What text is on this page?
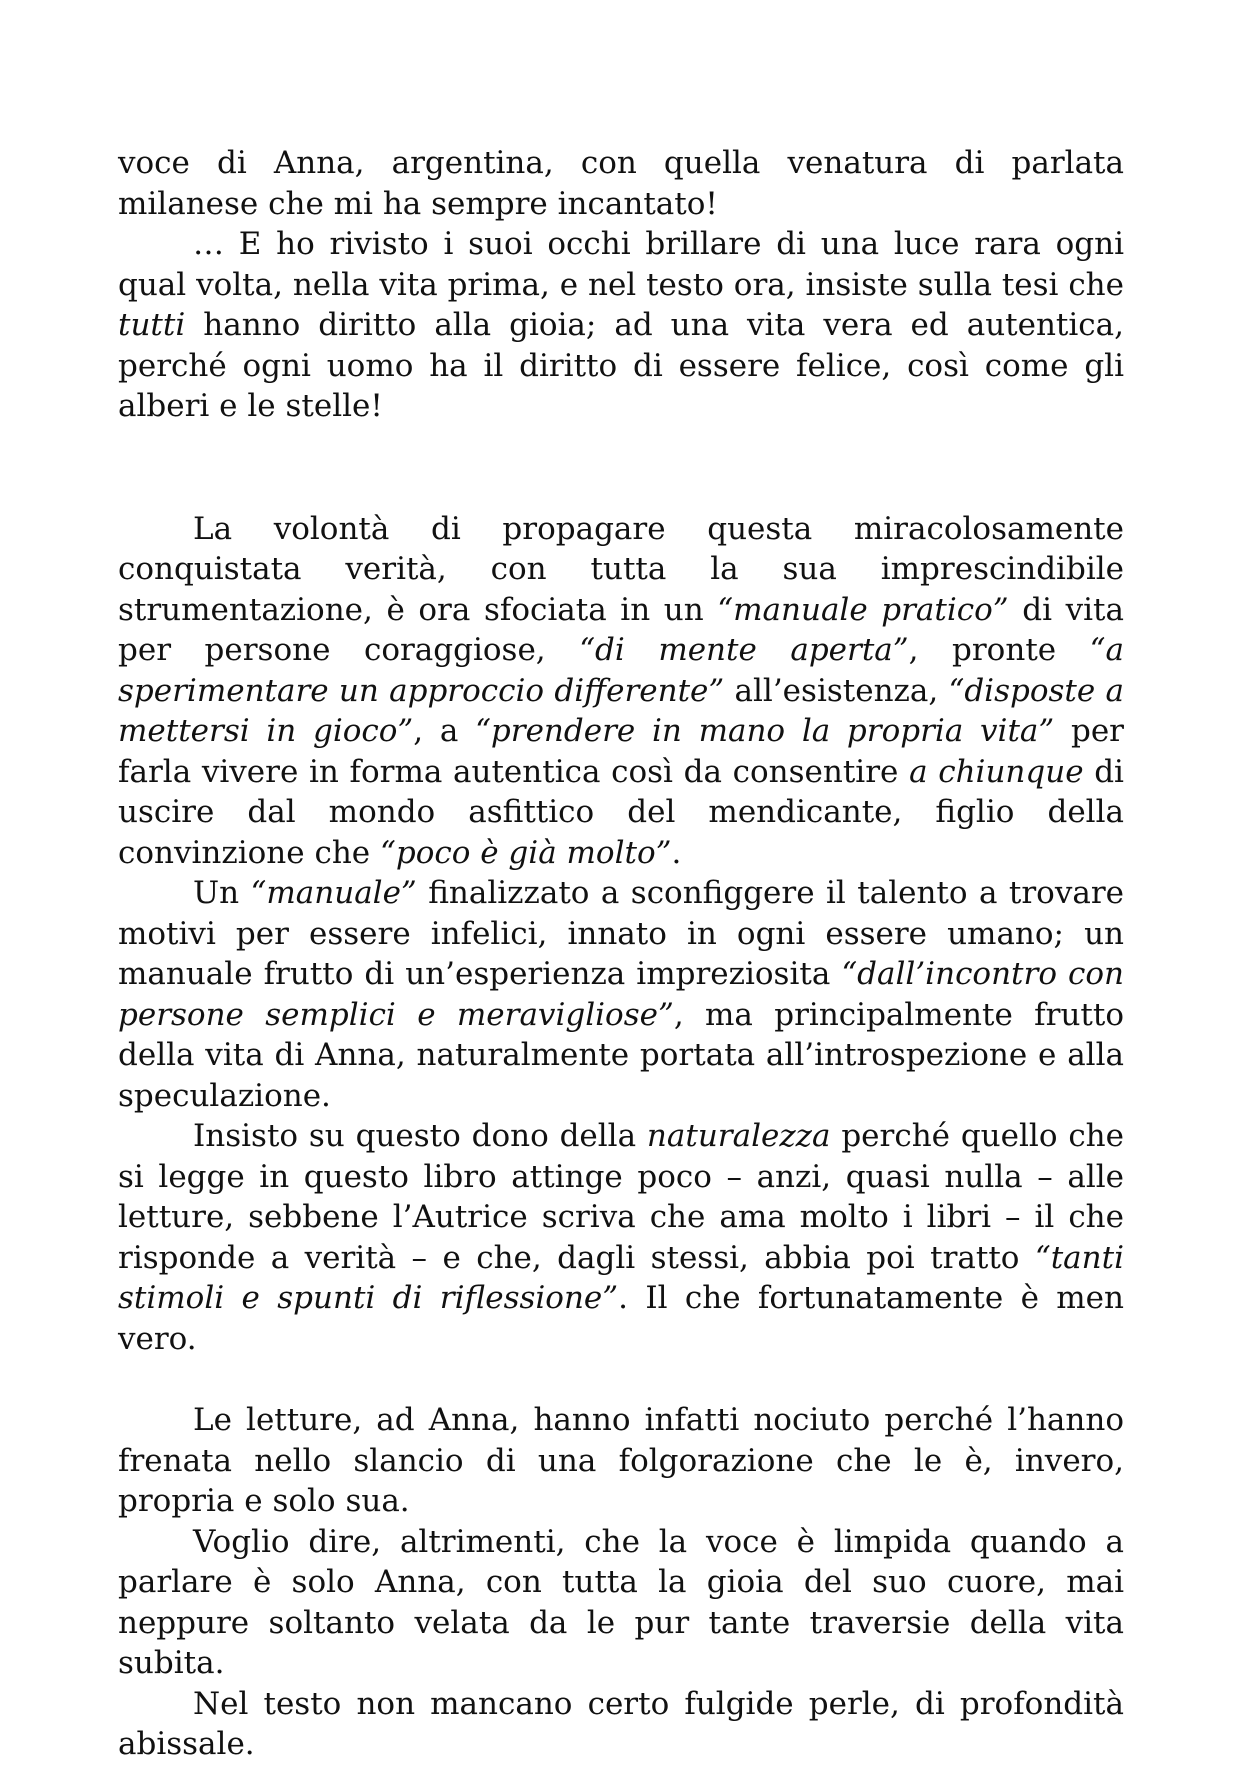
voce di Anna, argentina, con quella venatura di parlata milanese che mi ha sempre incantato!

… E ho rivisto i suoi occhi brillare di una luce rara ogni qual volta, nella vita prima, e nel testo ora, insiste sulla tesi che tutti hanno diritto alla gioia; ad una vita vera ed autentica, perché ogni uomo ha il diritto di essere felice, così come gli alberi e le stelle!

La volontà di propagare questa miracolosamente conquistata verità, con tutta la sua imprescindibile strumentazione, è ora sfociata in un “manuale pratico” di vita per persone coraggiose, “di mente aperta”, pronte “a sperimentare un approccio differente” all’esistenza, “disposte a mettersi in gioco”, a “prendere in mano la propria vita” per farla vivere in forma autentica così da consentire a chiunque di uscire dal mondo asfittico del mendicante, figlio della convinzione che “poco è già molto”.

Un “manuale” finalizzato a sconfiggere il talento a trovare motivi per essere infelici, innato in ogni essere umano; un manuale frutto di un’esperienza impreziosita “dall’incontro con persone semplici e meravigliose”, ma principalmente frutto della vita di Anna, naturalmente portata all’introspezione e alla speculazione.

Insisto su questo dono della naturalezza perché quello che si legge in questo libro attinge poco – anzi, quasi nulla – alle letture, sebbene l’Autrice scriva che ama molto i libri – il che risponde a verità – e che, dagli stessi, abbia poi tratto “tanti stimoli e spunti di riflessione”. Il che fortunatamente è men vero.

Le letture, ad Anna, hanno infatti nociuto perché l’hanno frenata nello slancio di una folgorazione che le è, invero, propria e solo sua.

Voglio dire, altrimenti, che la voce è limpida quando a parlare è solo Anna, con tutta la gioia del suo cuore, mai neppure soltanto velata da le pur tante traversie della vita subita.

Nel testo non mancano certo fulgide perle, di profondità abissale.
